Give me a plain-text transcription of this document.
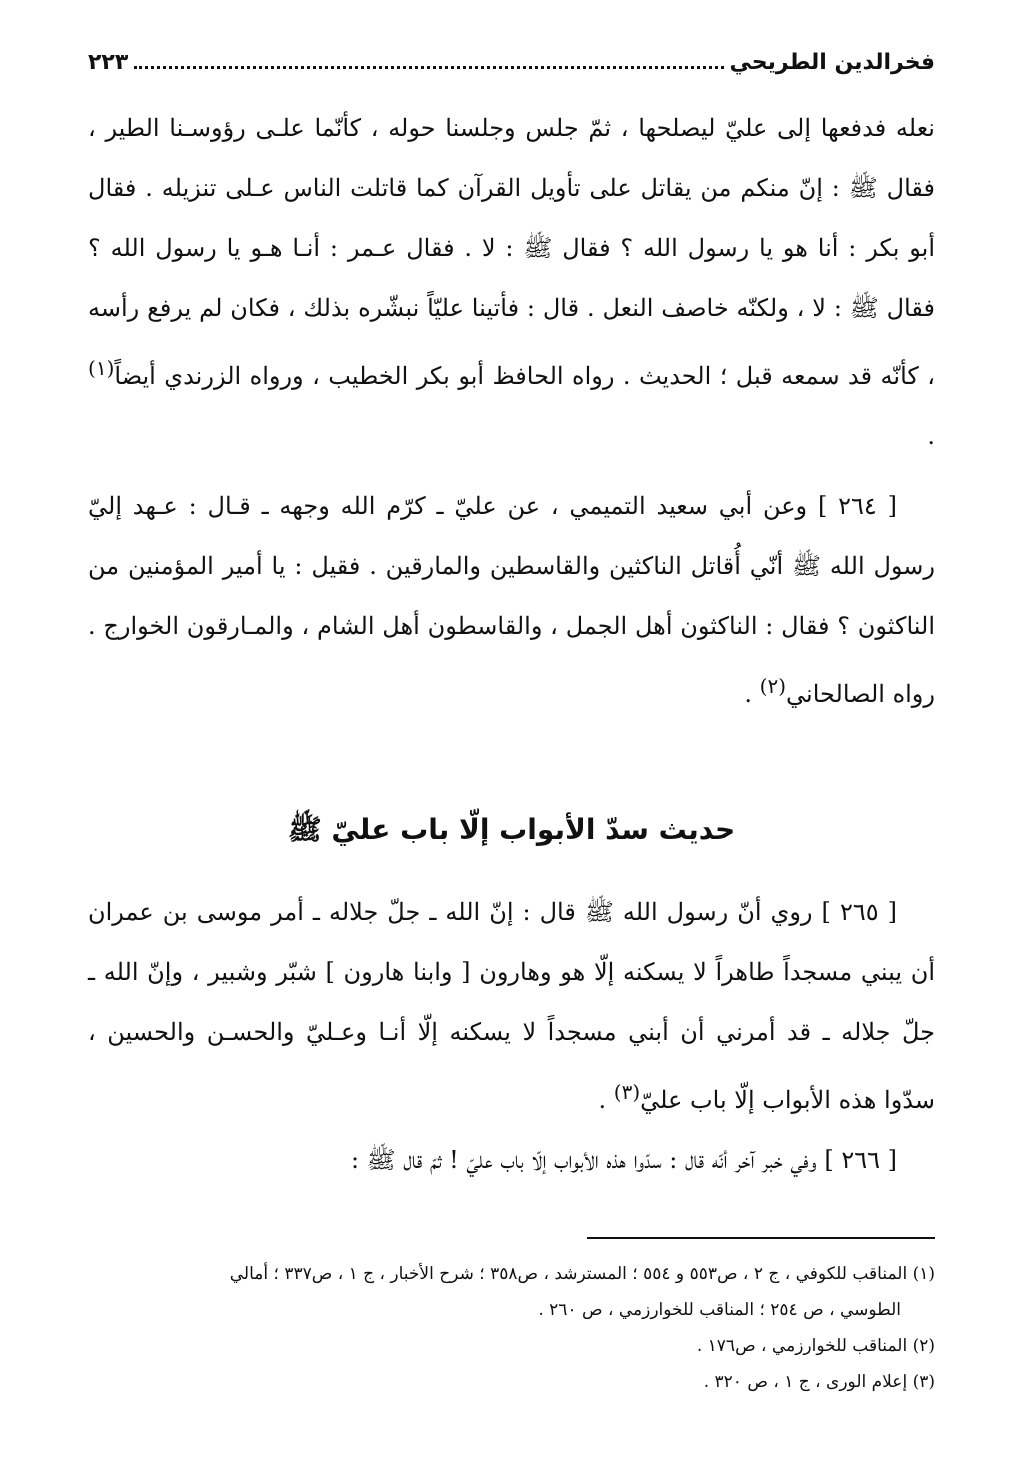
فخرالدين الطريحي
٢٢٣

نعله فدفعها إلى عليّ ليصلحها ، ثمّ جلس وجلسنا حوله ، كأنّما علـى رؤوسـنا الطير ، فقال ﷺ : إنّ منكم من يقاتل على تأويل القرآن كما قاتلت الناس عـلى تنزيله . فقال أبو بكر : أنا هو يا رسول الله ؟ فقال ﷺ : لا . فقال عـمر : أنـا هـو يا رسول الله ؟ فقال ﷺ : لا ، ولكنّه خاصف النعل . قال : فأتينا عليّاً نبشّره بذلك ، فكان لم يرفع رأسه ، كأنّه قد سمعه قبل ؛ الحديث . رواه الحافظ أبو بكر الخطيب ، ورواه الزرندي أيضاً$^{(١)}$ .

[ ٢٦٤ ] وعن أبي سعيد التميمي ، عن عليّ ـ كرّم الله وجهه ـ قـال : عـهد إليّ رسول الله ﷺ أنّي أُقاتل الناكثين والقاسطين والمارقين . فقيل : يا أمير المؤمنين من الناكثون ؟ فقال : الناكثون أهل الجمل ، والقاسطون أهل الشام ، والمـارقون الخوارج . رواه الصالحاني$^{(٢)}$ .

حديث سدّ الأبواب إلّا باب عليّ ﷺ

[ ٢٦٥ ] روي أنّ رسول الله ﷺ قال : إنّ الله ـ جلّ جلاله ـ أمر موسى بن عمران أن يبني مسجداً طاهراً لا يسكنه إلّا هو وهارون [ وابنا هارون ] شبّر وشبير ، وإنّ الله ـ جلّ جلاله ـ قد أمرني أن أبني مسجداً لا يسكنه إلّا أنـا وعـليّ والحسـن والحسين ، سدّوا هذه الأبواب إلّا باب عليّ$^{(٣)}$ .

[ ٢٦٦ ] وفي خبر آخر أنّه قال : سدّوا هذه الأبواب إلّا باب عليّ ! ثمّ قال ﷺ :

(١) المناقب للكوفي ، ج ٢ ، ص٥٥٣ و ٥٥٤ ؛ المسترشد ، ص٣٥٨ ؛ شرح الأخبار ، ج ١ ، ص٣٣٧ ؛ أمالي

الطوسي ، ص ٢٥٤ ؛ المناقب للخوارزمي ، ص ٢٦٠ .

(٢) المناقب للخوارزمي ، ص١٧٦ .

(٣) إعلام الورى ، ج ١ ، ص ٣٢٠ .
